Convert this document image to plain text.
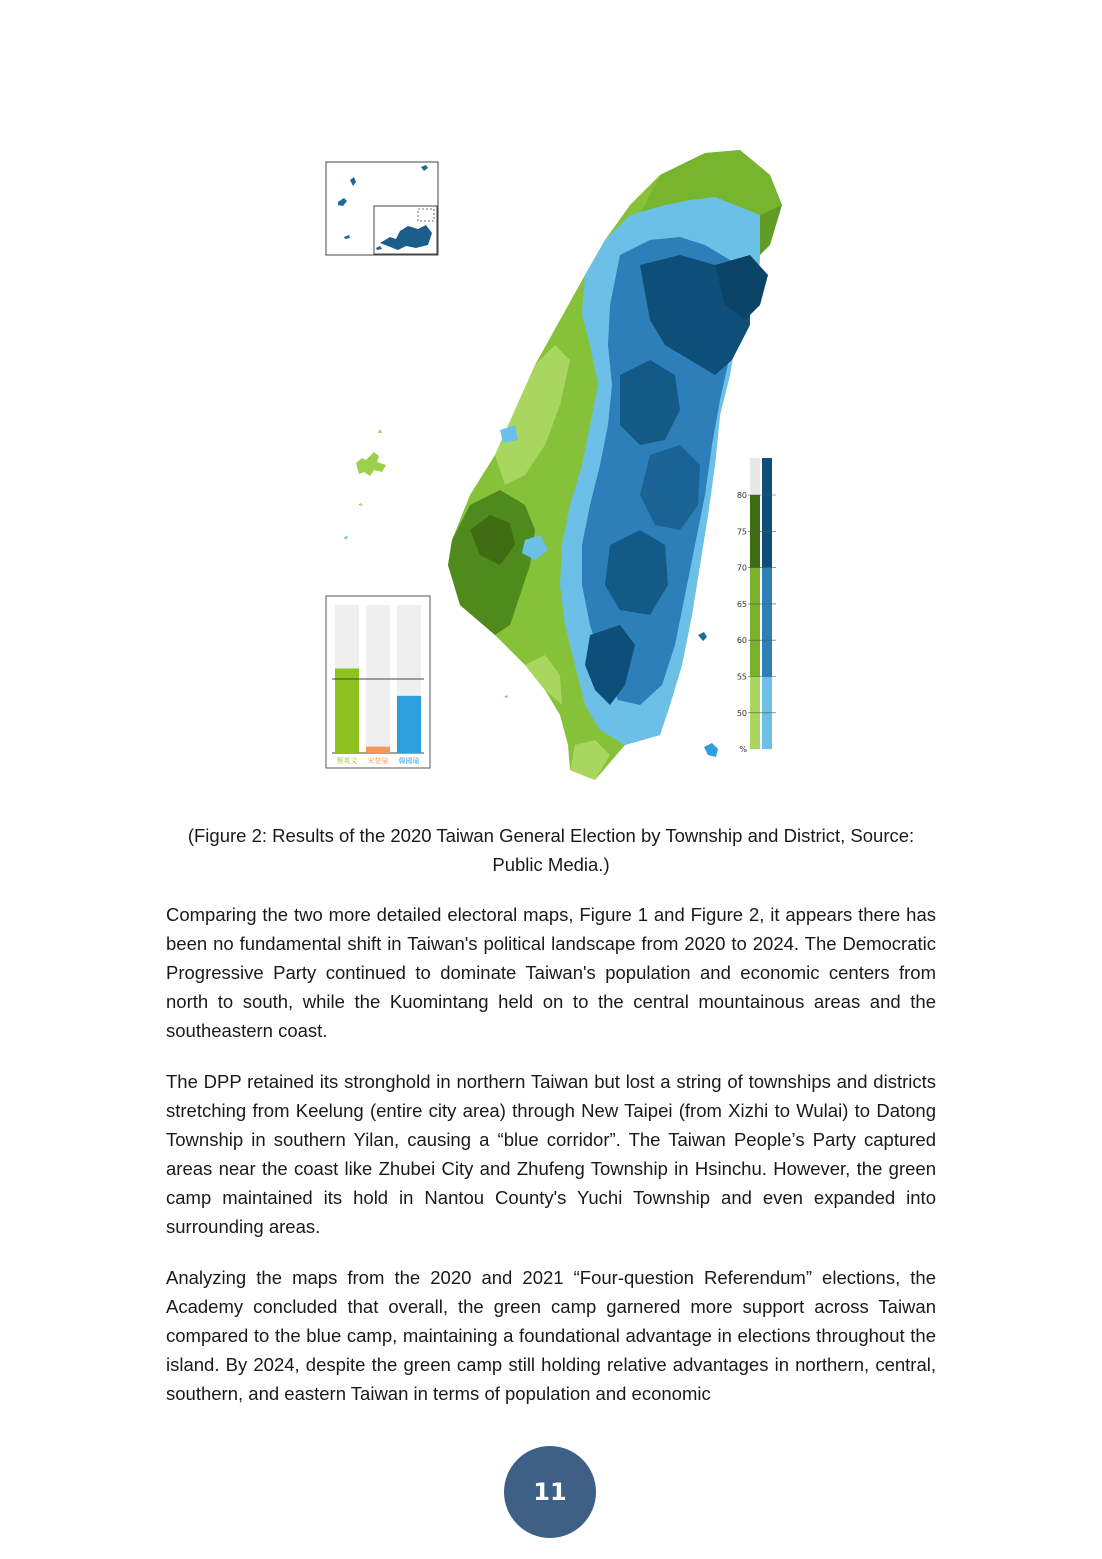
80
75
70
65
60
55
50
%
蔡英文 宋楚瑜 韓國瑜
(Figure 2: Results of the 2020 Taiwan General Election by Township and District, Source: Public Media.)

Comparing the two more detailed electoral maps, Figure 1 and Figure 2, it appears there has been no fundamental shift in Taiwan's political landscape from 2020 to 2024. The Democratic Progressive Party continued to dominate Taiwan's population and economic centers from north to south, while the Kuomintang held on to the central mountainous areas and the southeastern coast.

The DPP retained its stronghold in northern Taiwan but lost a string of townships and districts stretching from Keelung (entire city area) through New Taipei (from Xizhi to Wulai) to Datong Township in southern Yilan, causing a “blue corridor”. The Taiwan People’s Party captured areas near the coast like Zhubei City and Zhufeng Township in Hsinchu. However, the green camp maintained its hold in Nantou County's Yuchi Township and even expanded into surrounding areas.

Analyzing the maps from the 2020 and 2021 “Four-question Referendum” elections, the Academy concluded that overall, the green camp garnered more support across Taiwan compared to the blue camp, maintaining a foundational advantage in elections throughout the island. By 2024, despite the green camp still holding relative advantages in northern, central, southern, and eastern Taiwan in terms of population and economic

11
